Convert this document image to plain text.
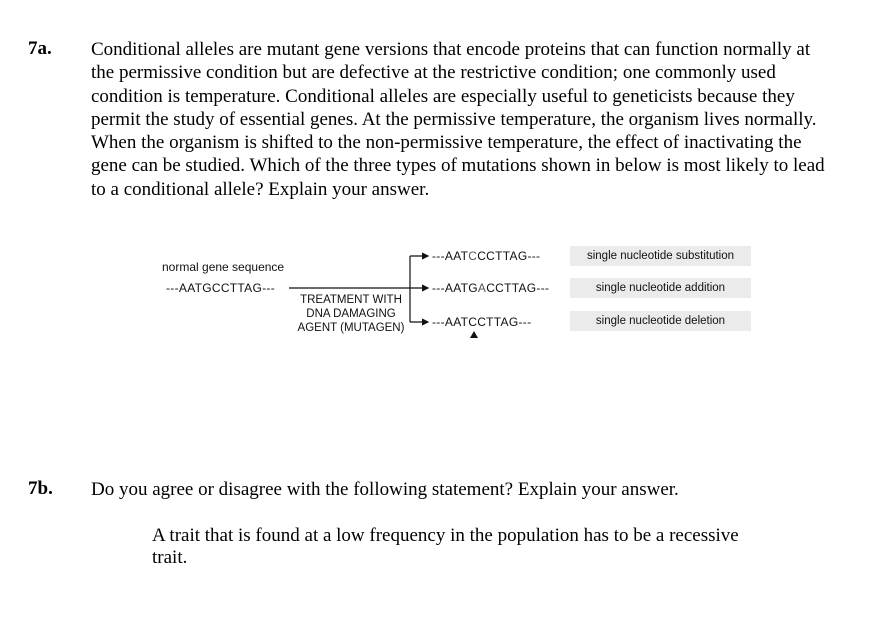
7a. Conditional alleles are mutant gene versions that encode proteins that can function normally at the permissive condition but are defective at the restrictive condition; one commonly used condition is temperature. Conditional alleles are especially useful to geneticists because they permit the study of essential genes. At the permissive temperature, the organism lives normally. When the organism is shifted to the non-permissive temperature, the effect of inactivating the gene can be studied. Which of the three types of mutations shown in below is most likely to lead to a conditional allele? Explain your answer.
normal gene sequence
---AATGCCTTAG---
TREATMENT WITH
DNA DAMAGING
AGENT (MUTAGEN)
---AATCCCTTAG---
---AATGACCTTAG---
---AATCCTTAG---
single nucleotide substitution
single nucleotide addition
single nucleotide deletion
7b. Do you agree or disagree with the following statement? Explain your answer.
A trait that is found at a low frequency in the population has to be a recessive trait.
